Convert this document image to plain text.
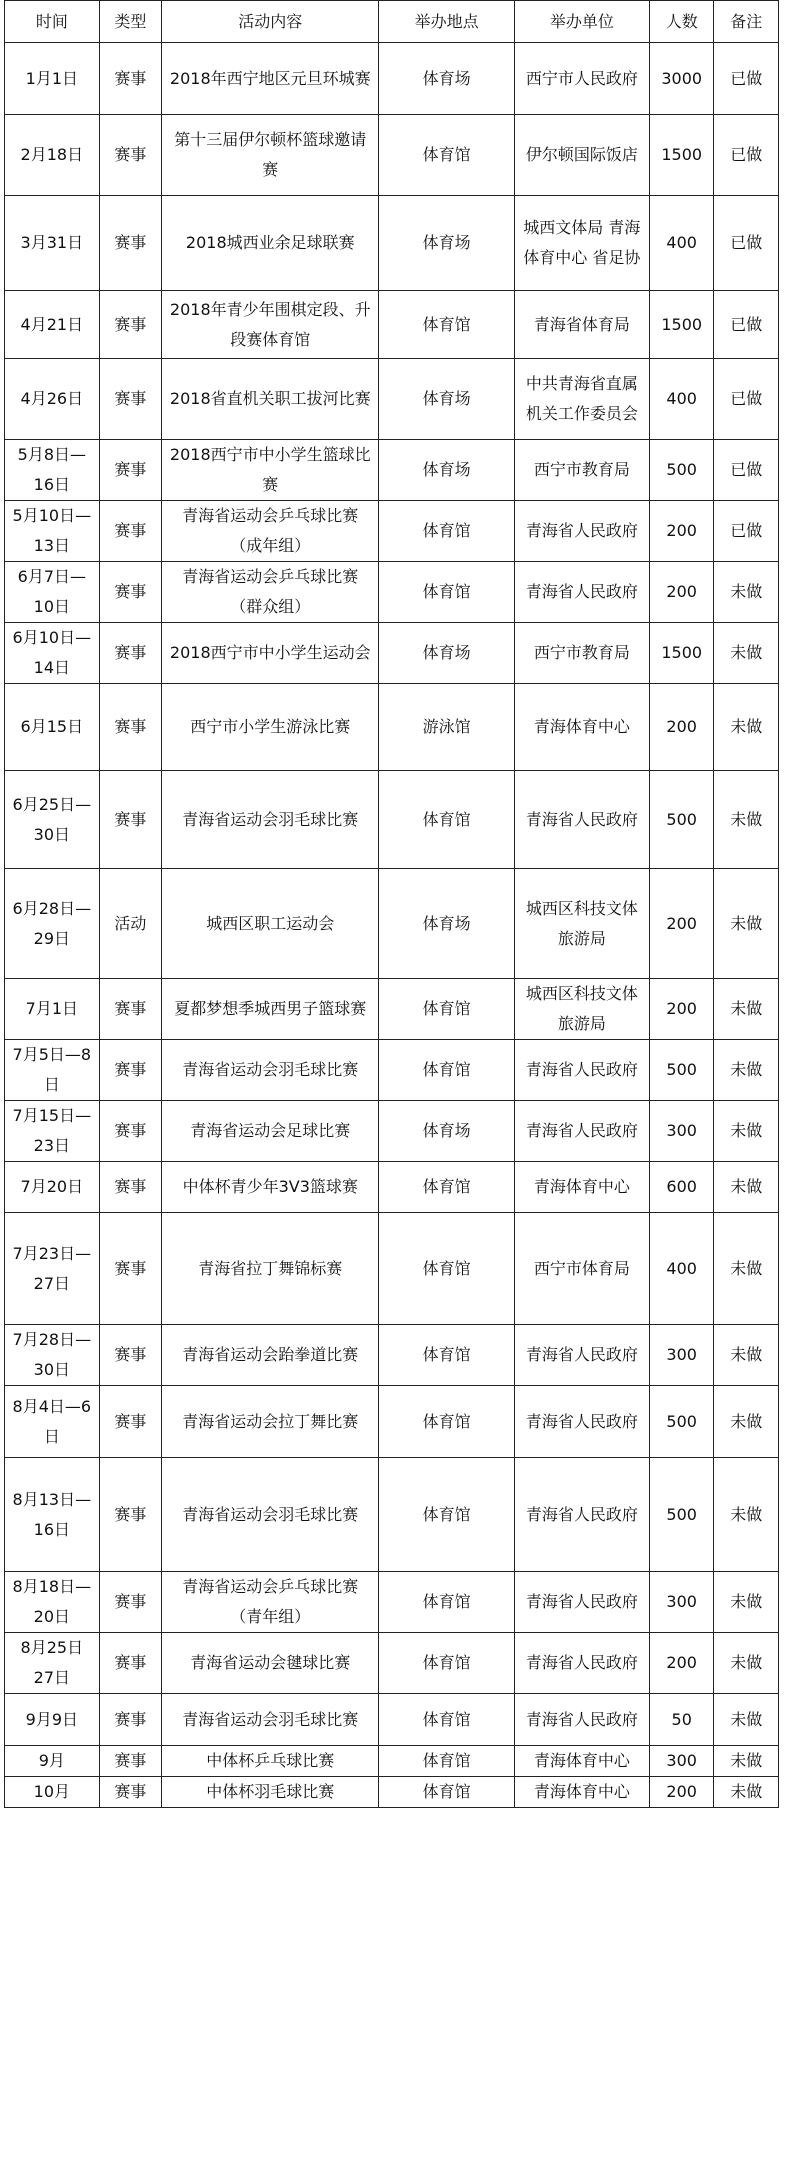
时间	类型	活动内容	举办地点	举办单位	人数	备注
1月1日	赛事	2018年西宁地区元旦环城赛	体育场	西宁市人民政府	3000	已做
2月18日	赛事	第十三届伊尔顿杯篮球邀请赛	体育馆	伊尔顿国际饭店	1500	已做
3月31日	赛事	2018城西业余足球联赛	体育场	城西文体局 青海体育中心 省足协	400	已做
4月21日	赛事	2018年青少年围棋定段、升段赛体育馆	体育馆	青海省体育局	1500	已做
4月26日	赛事	2018省直机关职工拔河比赛	体育场	中共青海省直属机关工作委员会	400	已做
5月8日—16日	赛事	2018西宁市中小学生篮球比赛	体育场	西宁市教育局	500	已做
5月10日—13日	赛事	青海省运动会乒乓球比赛（成年组）	体育馆	青海省人民政府	200	已做
6月7日—10日	赛事	青海省运动会乒乓球比赛（群众组）	体育馆	青海省人民政府	200	未做
6月10日—14日	赛事	2018西宁市中小学生运动会	体育场	西宁市教育局	1500	未做
6月15日	赛事	西宁市小学生游泳比赛	游泳馆	青海体育中心	200	未做
6月25日—30日	赛事	青海省运动会羽毛球比赛	体育馆	青海省人民政府	500	未做
6月28日—29日	活动	城西区职工运动会	体育场	城西区科技文体旅游局	200	未做
7月1日	赛事	夏都梦想季城西男子篮球赛	体育馆	城西区科技文体旅游局	200	未做
7月5日—8日	赛事	青海省运动会羽毛球比赛	体育馆	青海省人民政府	500	未做
7月15日—23日	赛事	青海省运动会足球比赛	体育场	青海省人民政府	300	未做
7月20日	赛事	中体杯青少年3V3篮球赛	体育馆	青海体育中心	600	未做
7月23日—27日	赛事	青海省拉丁舞锦标赛	体育馆	西宁市体育局	400	未做
7月28日—30日	赛事	青海省运动会跆拳道比赛	体育馆	青海省人民政府	300	未做
8月4日—6日	赛事	青海省运动会拉丁舞比赛	体育馆	青海省人民政府	500	未做
8月13日—16日	赛事	青海省运动会羽毛球比赛	体育馆	青海省人民政府	500	未做
8月18日—20日	赛事	青海省运动会乒乓球比赛（青年组）	体育馆	青海省人民政府	300	未做
8月25日27日	赛事	青海省运动会毽球比赛	体育馆	青海省人民政府	200	未做
9月9日	赛事	青海省运动会羽毛球比赛	体育馆	青海省人民政府	50	未做
9月	赛事	中体杯乒乓球比赛	体育馆	青海体育中心	300	未做
10月	赛事	中体杯羽毛球比赛	体育馆	青海体育中心	200	未做
